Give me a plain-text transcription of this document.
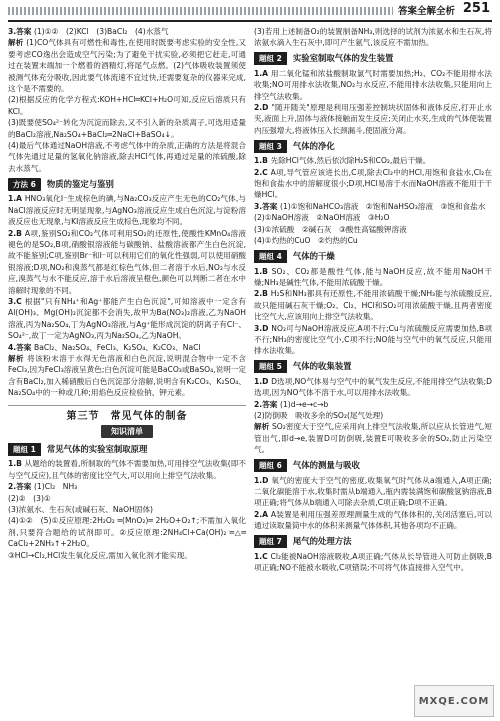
答案全解全析 251

3.答案 (1)①②　(2)KCl　(3)BaCl₂　(4)水蒸气

解析 (1)CO气体具有可燃性和毒性,在使用时既要考虑实验的安全性,又要考虑CO逸出会造成空气污染;为了避免干扰实验,必须把它赶走,可通过在装置末端加一个燃着的酒精灯,将尾气点燃。(2)气体吸收装置须使被测气体充分吸收,因此要气体流速不宜过快,还需要复杂的仪器来完成,这个是不需要的。

(2)根据反应的化学方程式:KOH+HCl═KCl+H₂O可知,反应后溶质只有KCl。

(3)既要使SO₄²⁻转化为沉淀而除去,又不引入新的杂质离子,可选用适量的BaCl₂溶液,Na₂SO₄+BaCl₂═2NaCl+BaSO₄↓。

(4)最后气体通过NaOH溶液,不考虑气体中的杂质,正确的方法是将混合气体先通过足量的氢氧化钠溶液,除去HCl气体,再通过足量的浓硫酸,除去水蒸气。

方法 6	物质的鉴定与鉴别

1.A HNO₃氧化I⁻生成棕色的碘,与Na₂CO₃反应产生无色的CO₂气体,与NaCl溶液反应时无明显现象,与AgNO₃溶液反应生成白色沉淀,与淀粉溶液反应也无现象,与KI溶液反应生成棕色,现象均不同。

2.B A项,鉴别SO₂和CO₂气体可利用SO₂的还原性,使酸性KMnO₄溶液褪色的是SO₂,B项,硝酸银溶液能与碳酸钠、盐酸溶液都产生白色沉淀,故不能鉴别;C项,鉴别Br⁻和I⁻可以利用它们的氧化性强弱,可以使用硝酸银溶液;D项,NO₂和溴蒸气都是红棕色气体,但二者溶于水后,NO₂与水反应,溴蒸气与水不能反应,溶于水后溶液呈橙色,颜色可以判断二者在水中溶解时现象的不同。

3.C 根据"只有NH₄⁺和Ag⁺都能产生白色沉淀",可知溶液中一定含有Al(OH)₃、Mg(OH)₂沉淀都不会消失,故甲为Ba(NO₃)₂溶液,乙为NaOH溶液,丙为Na₂SO₄,丁为AgNO₃溶液,与Ag⁺能形成沉淀的阴离子有Cl⁻、SO₄²⁻,故丁一定为AgNO₃,丙为Na₂SO₄,乙为NaOH。

4.答案 BaCl₂、Na₂SO₄、FeCl₃、K₂SO₄、K₂CO₃、NaCl

解析 将该粉末溶于水得无色溶液和白色沉淀,说明混合物中一定不含FeCl₃,因为FeCl₃溶液呈黄色;白色沉淀可能是BaCO₃或BaSO₄,说明一定含有BaCl₂,加入稀硝酸后白色沉淀部分溶解,说明含有K₂CO₃、K₂SO₄、Na₂SO₄中的一种或几种;用焰色反应检验钠、钾元素。

第三节　常见气体的制备
知识清单
题组 1	常见气体的实验室制取原理

1.B 从题给的装置看,所制取的气体不需要加热,可用排空气法收集(即不与空气反应),且气体的密度比空气大,可以用向上排空气法收集。

2.答案 (1)Cl₂　NH₃

(2)②　(3)①

(3)浓氨水、生石灰(或碱石灰、NaOH固体)

(4)①②　(5)①反应原理:2H₂O₂ ═(MnO₂)═ 2H₂O+O₂↑;不需加入氧化剂,只要符合题给的试剂即可。②反应原理:2NH₄Cl+Ca(OH)₂ ═△═ CaCl₂+2NH₃↑+2H₂O。

③HCl→Cl₂,HCl发生氧化反应,需加入氧化剂才能实现。

(3)若用上述制备O₂的装置制备NH₃,则选择的试剂为浓氨水和生石灰,将浓氨水滴入生石灰中,即可产生氨气,该反应不需加热。

题组 2	实验室制取气体的发生装置

1.A 用二氧化锰和浓盐酸制取氯气时需要加热;H₂、CO₂不能用排水法收集;NO可用排水法收集,NO₂与水反应,不能用排水法收集,只能用向上排空气法收集。

2.D "随开随关"原理是利用压强差控制块状固体和液体反应,打开止水夹,液面上升,固体与液体接触而发生反应;关闭止水夹,生成的气体使装置内压强增大,将液体压入长颈漏斗,使固液分离。

题组 3	气体的净化

1.B 先除HCl气体,然后依次除H₂S和CO₂,最后干燥。

2.C A项,导气管应该进长出,C项,除去Cl₂中的HCl,用饱和食盐水,Cl₂在饱和食盐水中的溶解度很小;D项,HCl易溶于水而NaOH溶液不能用于干燥HCl。

3.答案 (1)①饱和NaHCO₃溶液　②饱和NaHSO₃溶液　③饱和食盐水

(2)①NaOH溶液　②NaOH溶液　③H₂O

(3)①浓硫酸　②碱石灰　③酸性高锰酸钾溶液

(4)①灼热的CuO　②灼热的Cu

题组 4	气体的干燥

1.B SO₂、CO₂都是酸性气体,能与NaOH反应,故不能用NaOH干燥;NH₃是碱性气体,不能用浓硫酸干燥。

2.B H₂S和NH₃都具有还原性,不能用浓硫酸干燥;NH₃能与浓硫酸反应,故只能用碱石灰干燥;O₂、Cl₂、HCl和SO₂可用浓硫酸干燥,且两者密度比空气大,应该用向上排空气法收集。

3.D NO₂可与NaOH溶液反应,A项不行;Cu与浓硫酸反应需要加热,B项不行;NH₃的密度比空气小,C项不行;NO能与空气中的氧气反应,只能用排水法收集。

题组 5	气体的收集装置

1.D D选项,NO气体易与空气中的氧气发生反应,不能用排空气法收集;D选项,因为NO气体不溶于水,可以用排水法收集。

2.答案 (1)d→e→c→b

(2)防倒吸　吸收多余的SO₂(尾气处理)

解析 SO₂密度大于空气,应采用向上排空气法收集,所以应从长管进气,短管出气,即d→e,装置D可防倒吸,装置E可吸收多余的SO₂,防止污染空气。

题组 6	气体的测量与吸收

1.D 氧气的密度大于空气的密度,收集氧气时气体从a端通入,A项正确;二氧化碳能溶于水,收集时需从b端通入,瓶内需装满饱和碳酸氢钠溶液,B项正确;将气体从b端通入可除去杂质,C项正确;D项不正确。

2.A A装置是利用压强差原理测量生成的气体体积的,关闭活塞后,可以通过读取量筒中水的体积来测量气体体积,其他各项均不正确。

题组 7	尾气的处理方法

1.C Cl₂能被NaOH溶液吸收,A项正确;气体从长导管进入可防止倒吸,B项正确;NO不能被水吸收,C项错误;不可将气体直接排入空气中。

MXQE.COM
